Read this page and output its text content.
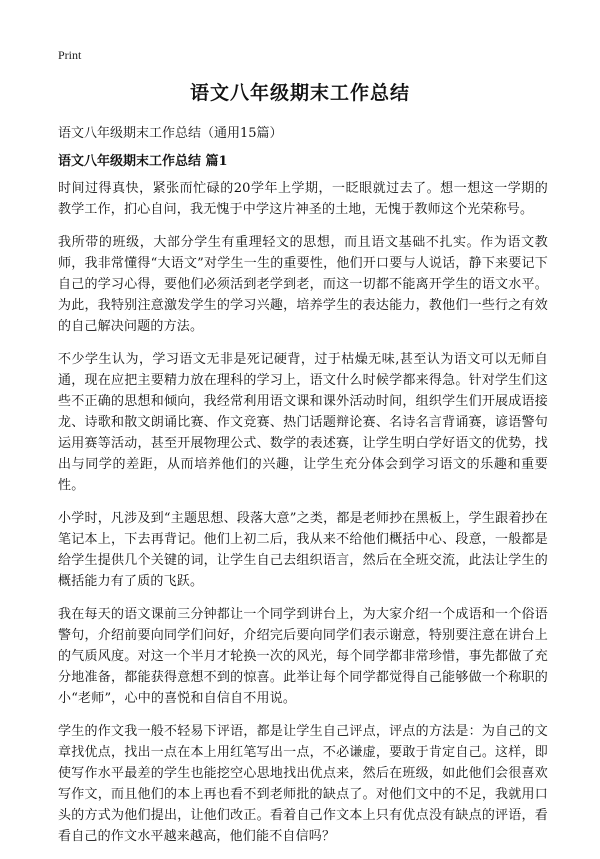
Print
语文八年级期末工作总结
语文八年级期末工作总结（通用15篇）
语文八年级期末工作总结 篇1

时间过得真快，紧张而忙碌的20学年上学期，一眨眼就过去了。想一想这一学期的教学工作，扪心自问，我无愧于中学这片神圣的土地，无愧于教师这个光荣称号。

我所带的班级，大部分学生有重理轻文的思想，而且语文基础不扎实。作为语文教师，我非常懂得“大语文”对学生一生的重要性，他们开口要与人说话，静下来要记下自己的学习心得，要他们必须活到老学到老，而这一切都不能离开学生的语文水平。为此，我特别注意激发学生的学习兴趣，培养学生的表达能力，教他们一些行之有效的自己解决问题的方法。

不少学生认为，学习语文无非是死记硬背，过于枯燥无味,甚至认为语文可以无师自通，现在应把主要精力放在理科的学习上，语文什么时候学都来得急。针对学生们这些不正确的思想和倾向，我经常利用语文课和课外活动时间，组织学生们开展成语接龙、诗歌和散文朗诵比赛、作文竞赛、热门话题辩论赛、名诗名言背诵赛，谚语警句运用赛等活动，甚至开展物理公式、数学的表述赛，让学生明白学好语文的优势，找出与同学的差距，从而培养他们的兴趣，让学生充分体会到学习语文的乐趣和重要性。

小学时，凡涉及到“主题思想、段落大意”之类，都是老师抄在黑板上，学生跟着抄在笔记本上，下去再背记。他们上初二后，我从来不给他们概括中心、段意，一般都是给学生提供几个关键的词，让学生自己去组织语言，然后在全班交流，此法让学生的概括能力有了质的飞跃。

我在每天的语文课前三分钟都让一个同学到讲台上，为大家介绍一个成语和一个俗语警句，介绍前要向同学们问好，介绍完后要向同学们表示谢意，特别要注意在讲台上的气质风度。对这一个半月才轮换一次的风光，每个同学都非常珍惜，事先都做了充分地准备，都能获得意想不到的惊喜。此举让每个同学都觉得自己能够做一个称职的小“老师”，心中的喜悦和自信自不用说。

学生的作文我一般不轻易下评语，都是让学生自己评点，评点的方法是：为自己的文章找优点，找出一点在本上用红笔写出一点，不必谦虚，要敢于肯定自己。这样，即使写作水平最差的学生也能挖空心思地找出优点来，然后在班级，如此他们会很喜欢写作文，而且他们的本上再也看不到老师批的缺点了。对他们文中的不足，我就用口头的方式为他们提出，让他们改正。看着自己作文本上只有优点没有缺点的评语，看看自己的作文水平越来越高，他们能不自信吗？
